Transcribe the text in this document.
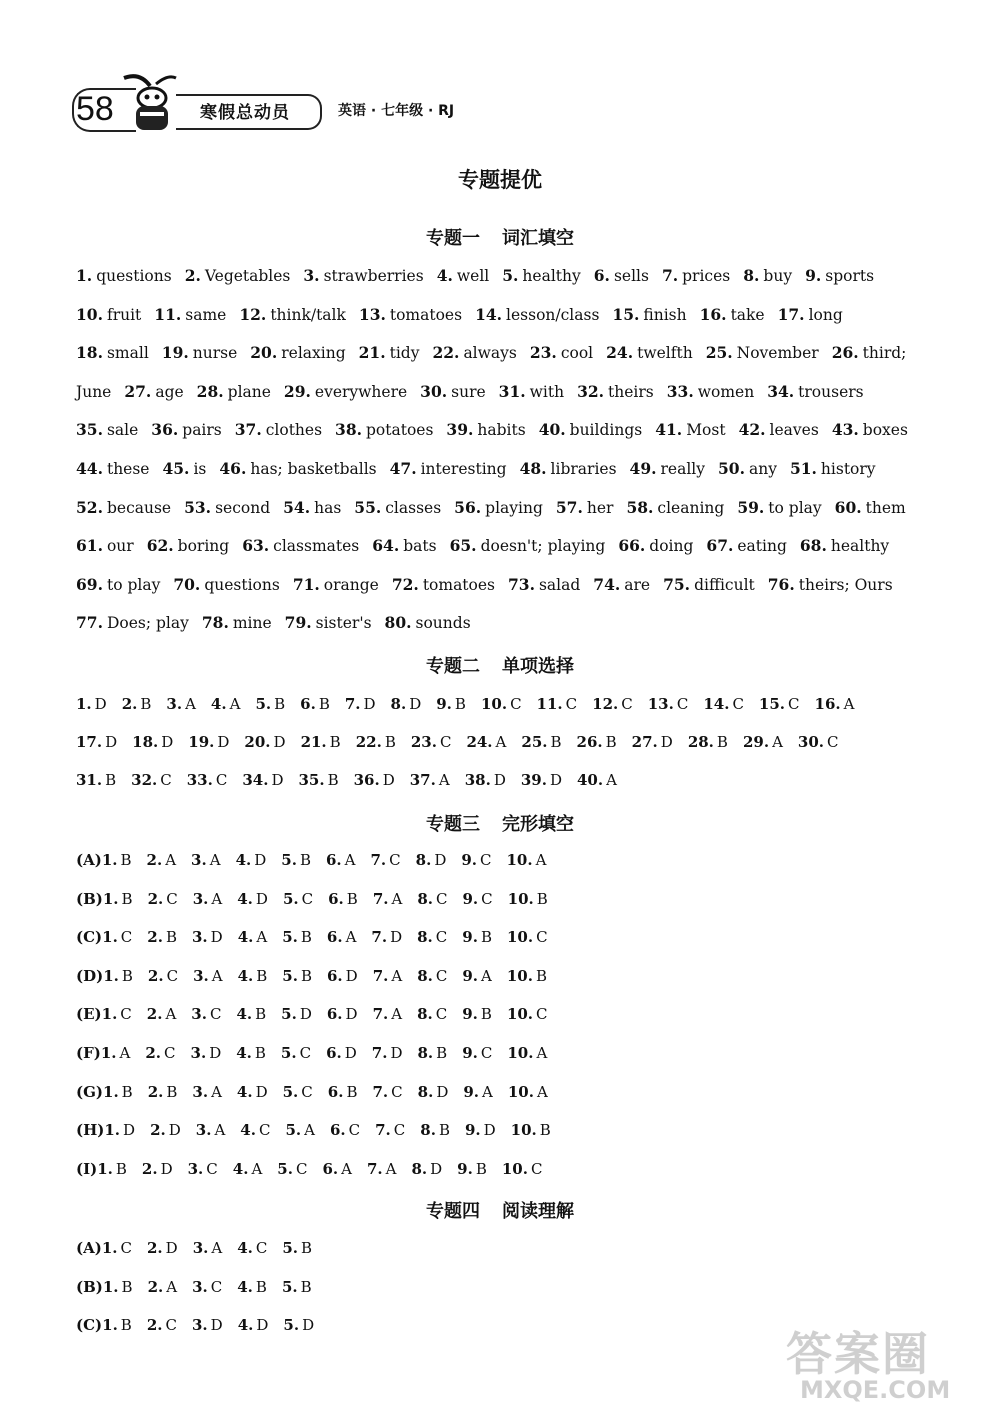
58	寒假总动员	英语 · 七年级 · RJ
专题提优
专题一 词汇填空
1. questions 2. Vegetables 3. strawberries 4. well 5. healthy 6. sells 7. prices 8. buy 9. sports
10. fruit 11. same 12. think/talk 13. tomatoes 14. lesson/class 15. finish 16. take 17. long
18. small 19. nurse 20. relaxing 21. tidy 22. always 23. cool 24. twelfth 25. November 26. third;
June 27. age 28. plane 29. everywhere 30. sure 31. with 32. theirs 33. women 34. trousers
35. sale 36. pairs 37. clothes 38. potatoes 39. habits 40. buildings 41. Most 42. leaves 43. boxes
44. these 45. is 46. has; basketballs 47. interesting 48. libraries 49. really 50. any 51. history
52. because 53. second 54. has 55. classes 56. playing 57. her 58. cleaning 59. to play 60. them
61. our 62. boring 63. classmates 64. bats 65. doesn't; playing 66. doing 67. eating 68. healthy
69. to play 70. questions 71. orange 72. tomatoes 73. salad 74. are 75. difficult 76. theirs; Ours
77. Does; play 78. mine 79. sister's 80. sounds
专题二 单项选择
1. D 2. B 3. A 4. A 5. B 6. B 7. D 8. D 9. B 10. C 11. C 12. C 13. C 14. C 15. C 16. A
17. D 18. D 19. D 20. D 21. B 22. B 23. C 24. A 25. B 26. B 27. D 28. B 29. A 30. C
31. B 32. C 33. C 34. D 35. B 36. D 37. A 38. D 39. D 40. A
专题三 完形填空
(A)1. B 2. A 3. A 4. D 5. B 6. A 7. C 8. D 9. C 10. A
(B)1. B 2. C 3. A 4. D 5. C 6. B 7. A 8. C 9. C 10. B
(C)1. C 2. B 3. D 4. A 5. B 6. A 7. D 8. C 9. B 10. C
(D)1. B 2. C 3. A 4. B 5. B 6. D 7. A 8. C 9. A 10. B
(E)1. C 2. A 3. C 4. B 5. D 6. D 7. A 8. C 9. B 10. C
(F)1. A 2. C 3. D 4. B 5. C 6. D 7. D 8. B 9. C 10. A
(G)1. B 2. B 3. A 4. D 5. C 6. B 7. C 8. D 9. A 10. A
(H)1. D 2. D 3. A 4. C 5. A 6. C 7. C 8. B 9. D 10. B
(I)1. B 2. D 3. C 4. A 5. C 6. A 7. A 8. D 9. B 10. C
专题四 阅读理解
(A)1. C 2. D 3. A 4. C 5. B
(B)1. B 2. A 3. C 4. B 5. B
(C)1. B 2. C 3. D 4. D 5. D
答案圈
MXQE.COM
